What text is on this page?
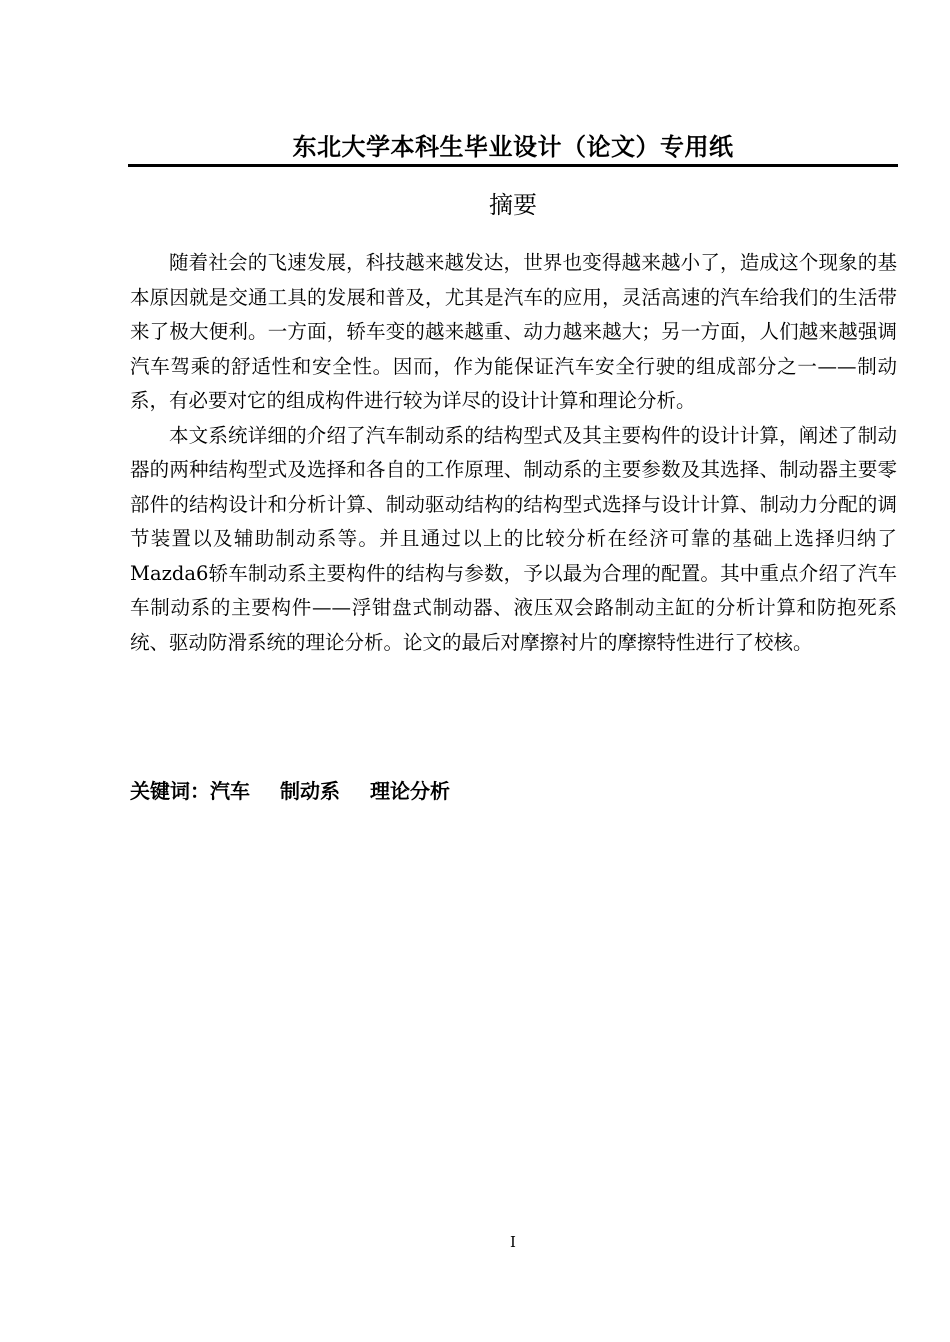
东北大学本科生毕业设计（论文）专用纸
摘要

随着社会的飞速发展，科技越来越发达，世界也变得越来越小了，造成这个现象的基本原因就是交通工具的发展和普及，尤其是汽车的应用，灵活高速的汽车给我们的生活带来了极大便利。一方面，轿车变的越来越重、动力越来越大；另一方面，人们越来越强调汽车驾乘的舒适性和安全性。因而，作为能保证汽车安全行驶的组成部分之一——制动系，有必要对它的组成构件进行较为详尽的设计计算和理论分析。

本文系统详细的介绍了汽车制动系的结构型式及其主要构件的设计计算，阐述了制动器的两种结构型式及选择和各自的工作原理、制动系的主要参数及其选择、制动器主要零部件的结构设计和分析计算、制动驱动结构的结构型式选择与设计计算、制动力分配的调节装置以及辅助制动系等。并且通过以上的比较分析在经济可靠的基础上选择归纳了Mazda6轿车制动系主要构件的结构与参数，予以最为合理的配置。其中重点介绍了汽车车制动系的主要构件——浮钳盘式制动器、液压双会路制动主缸的分析计算和防抱死系统、驱动防滑系统的理论分析。论文的最后对摩擦衬片的摩擦特性进行了校核。

关键词：汽车 制动系 理论分析
I
